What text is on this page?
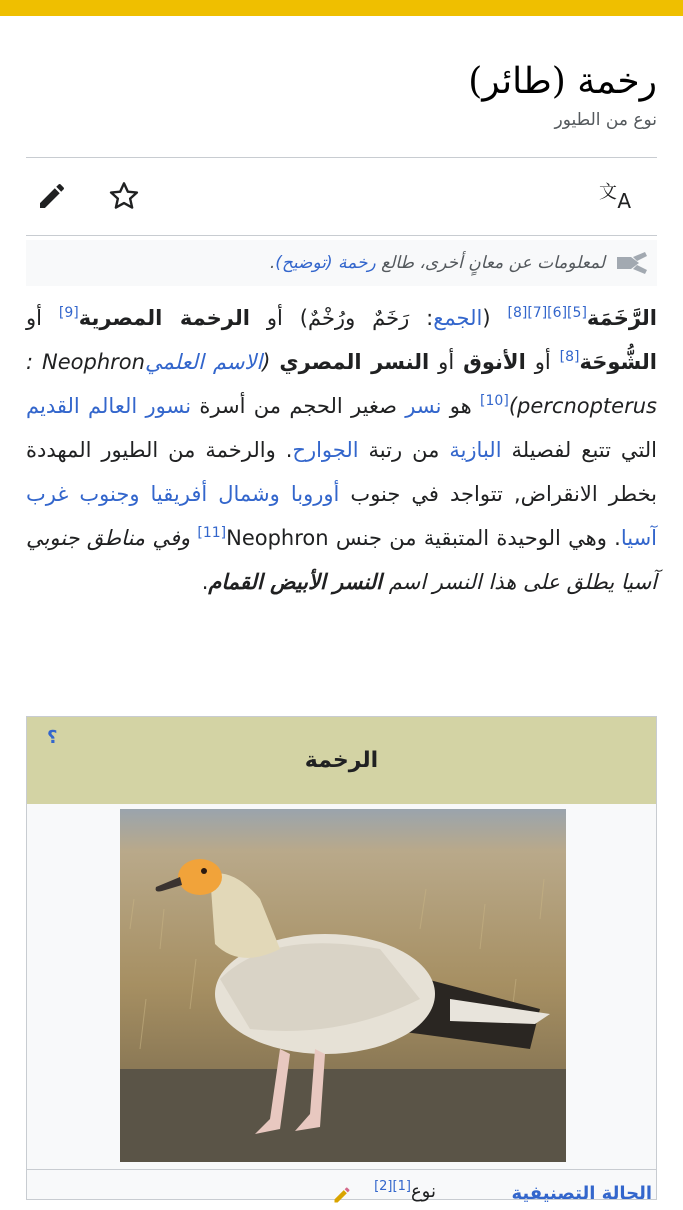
رخمة (طائر)
نوع من الطيور
文 A
لمعلومات عن معانٍ أخرى، طالع رخمة (توضيح).
الرَّخَمَة[5][6][7][8] (الجمع: رَخَمٌ ورُخْمٌ) أو الرخمة المصرية[9] أو الشُّوحَة[8] أو الأنوق أو النسر المصري (الاسم العلمي: Neophron percnopterus)[10] هو نسر صغير الحجم من أسرة نسور العالم القديم التي تتبع لفصيلة البازية من رتبة الجوارح. والرخمة من الطيور المهددة بخطر الانقراض, تتواجد في جنوب أوروبا وشمال أفريقيا وجنوب غرب آسيا. وهي الوحيدة المتبقية من جنس Neophron[11] وفي مناطق جنوبي آسيا يطلق على هذا النسر اسم النسر الأبيض القمام.
الرخمة
؟
الحالة التصنيفية
نوع[1][2]
